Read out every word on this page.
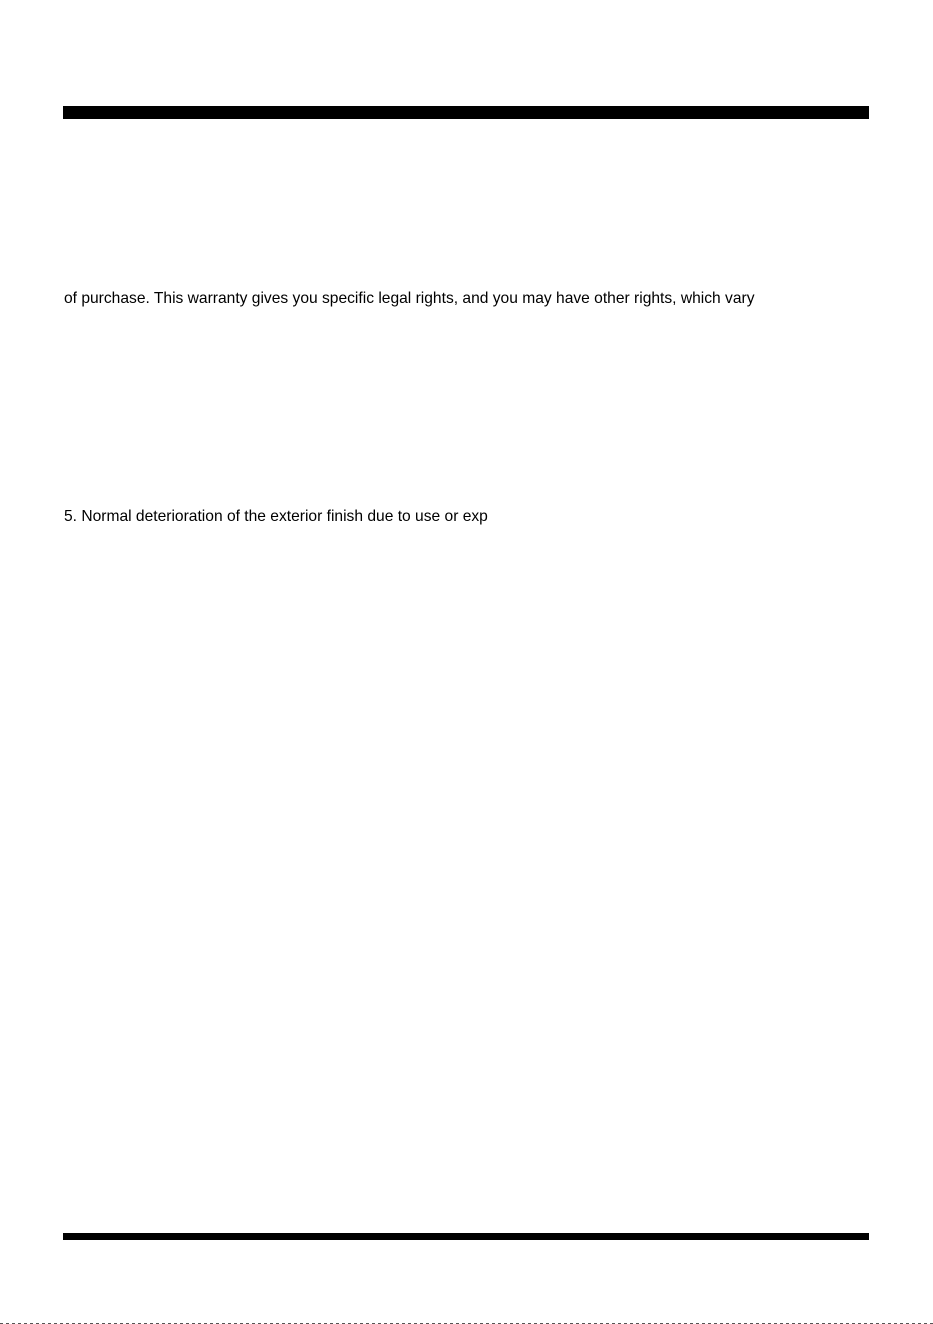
of purchase. This warranty gives you specific legal rights, and you may have other rights, which vary
5. Normal deterioration of the exterior finish due to use or exp
